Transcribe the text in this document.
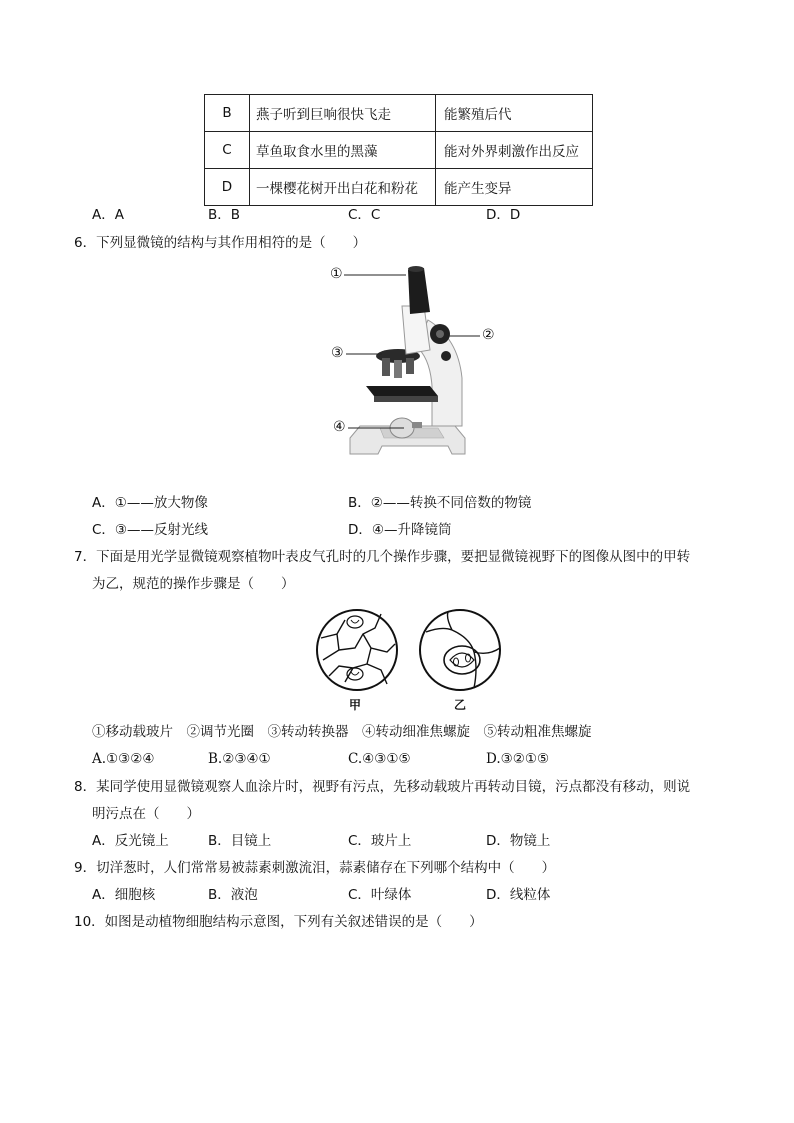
B	燕子听到巨响很快飞走	能繁殖后代
C	草鱼取食水里的黑藻	能对外界刺激作出反应
D	一棵樱花树开出白花和粉花	能产生变异
A．A	B．B	C．C	D．D
6．下列显微镜的结构与其作用相符的是（　　）
①
②
③
④
A．①——放大物像	B．②——转换不同倍数的物镜
C．③——反射光线	D．④—升降镜筒
7．下面是用光学显微镜观察植物叶表皮气孔时的几个操作步骤，要把显微镜视野下的图像从图中的甲转
为乙，规范的操作步骤是（　　）
甲	乙
①移动载玻片　②调节光圈　③转动转换器　④转动细准焦螺旋　⑤转动粗准焦螺旋
A.①③②④	B.②③④①	C.④③①⑤	D.③②①⑤
8．某同学使用显微镜观察人血涂片时，视野有污点，先移动载玻片再转动目镜，污点都没有移动，则说
明污点在（　　）
A．反光镜上	B．目镜上	C．玻片上	D．物镜上
9．切洋葱时，人们常常易被蒜素刺激流泪，蒜素储存在下列哪个结构中（　　）
A．细胞核	B．液泡	C．叶绿体	D．线粒体
10．如图是动植物细胞结构示意图，下列有关叙述错误的是（　　）
